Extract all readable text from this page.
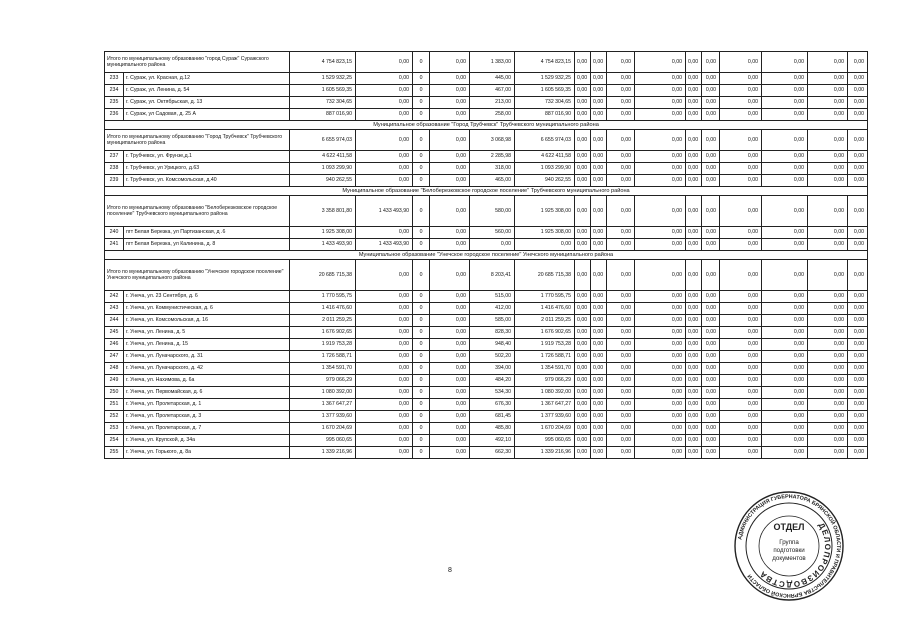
Итого по муниципальному образованию "город Сураж" Суражского муниципального района		4 754 823,15	0,00	0	0,00	1 383,00	4 754 823,15	0,00	0,00	0,00	0,00	0,00	0,00	0,00	0,00	0,00	0,00
233	г. Сураж, ул. Красная, д.12	1 529 932,25	0,00	0	0,00	445,00	1 529 932,25	0,00	0,00	0,00	0,00	0,00	0,00	0,00	0,00	0,00	0,00
234	г. Сураж, ул. Ленина, д. 54	1 605 569,35	0,00	0	0,00	467,00	1 605 569,35	0,00	0,00	0,00	0,00	0,00	0,00	0,00	0,00	0,00	0,00
235	г. Сураж, ул. Октябрьская, д. 13	732 304,65	0,00	0	0,00	213,00	732 304,65	0,00	0,00	0,00	0,00	0,00	0,00	0,00	0,00	0,00	0,00
236	г. Сураж, ул Садовая, д. 25 А	887 016,90	0,00	0	0,00	258,00	887 016,90	0,00	0,00	0,00	0,00	0,00	0,00	0,00	0,00	0,00	0,00
Муниципальное образование "Город Трубчевск" Трубчевского муниципального района																	
Итого по муниципальному образованию "Город Трубчевск" Трубчевского муниципального района		6 655 974,03	0,00	0	0,00	3 068,98	6 655 974,03	0,00	0,00	0,00	0,00	0,00	0,00	0,00	0,00	0,00	0,00
237	г. Трубчевск, ул. Фрунзе,д.1	4 622 411,58	0,00	0	0,00	2 285,98	4 622 411,58	0,00	0,00	0,00	0,00	0,00	0,00	0,00	0,00	0,00	0,00
238	г. Трубчевск, ул Урицкого, д.63	1 093 299,90	0,00	0	0,00	318,00	1 093 299,90	0,00	0,00	0,00	0,00	0,00	0,00	0,00	0,00	0,00	0,00
239	г. Трубчевск, ул. Комсомольская, д.40	940 262,55	0,00	0	0,00	465,00	940 262,55	0,00	0,00	0,00	0,00	0,00	0,00	0,00	0,00	0,00	0,00
Муниципальное образование "Белоберезковское городское поселение" Трубчевского муниципального района																	
Итого по муниципальному образованию "Белоберезковское городское поселение" Трубчевского муниципального района		3 358 801,80	1 433 493,90	0	0,00	580,00	1 925 308,00	0,00	0,00	0,00	0,00	0,00	0,00	0,00	0,00	0,00	0,00
240	пгт Белая Березка, ул Партизанская, д .6	1 925 308,00	0,00	0	0,00	560,00	1 925 308,00	0,00	0,00	0,00	0,00	0,00	0,00	0,00	0,00	0,00	0,00
241	пгт Белая Березка, ул Калинина, д. 8	1 433 493,90	1 433 493,90	0	0,00	0,00	0,00	0,00	0,00	0,00	0,00	0,00	0,00	0,00	0,00	0,00	0,00
Муниципальное образование "Унечское городское поселение" Унечского муниципального района																	
Итого по муниципальному образованию "Унечское городское поселение" Унечского муниципального района		20 685 715,38	0,00	0	0,00	8 203,41	20 685 715,38	0,00	0,00	0,00	0,00	0,00	0,00	0,00	0,00	0,00	0,00
242	г. Унеча, ул. 23 Сентября, д. 6	1 770 595,75	0,00	0	0,00	515,00	1 770 595,75	0,00	0,00	0,00	0,00	0,00	0,00	0,00	0,00	0,00	0,00
243	г. Унеча, ул. Коммунистическая, д. 6	1 416 476,60	0,00	0	0,00	412,00	1 416 476,60	0,00	0,00	0,00	0,00	0,00	0,00	0,00	0,00	0,00	0,00
244	г. Унеча, ул. Комсомольская, д. 16	2 011 259,25	0,00	0	0,00	585,00	2 011 259,25	0,00	0,00	0,00	0,00	0,00	0,00	0,00	0,00	0,00	0,00
245	г. Унеча, ул. Ленина, д. 5	1 676 902,65	0,00	0	0,00	828,30	1 676 902,65	0,00	0,00	0,00	0,00	0,00	0,00	0,00	0,00	0,00	0,00
246	г. Унеча, ул. Ленина, д. 15	1 919 753,28	0,00	0	0,00	948,40	1 919 753,28	0,00	0,00	0,00	0,00	0,00	0,00	0,00	0,00	0,00	0,00
247	г. Унеча, ул. Луначарского, д. 31	1 726 588,71	0,00	0	0,00	502,20	1 726 588,71	0,00	0,00	0,00	0,00	0,00	0,00	0,00	0,00	0,00	0,00
248	г. Унеча, ул. Луначарского, д. 42	1 354 591,70	0,00	0	0,00	394,00	1 354 591,70	0,00	0,00	0,00	0,00	0,00	0,00	0,00	0,00	0,00	0,00
249	г. Унеча, ул. Нахимова, д. 6а	979 066,29	0,00	0	0,00	484,20	979 066,29	0,00	0,00	0,00	0,00	0,00	0,00	0,00	0,00	0,00	0,00
250	г. Унеча, ул. Первомайская, д. 6	1 080 392,00	0,00	0	0,00	534,30	1 080 392,00	0,00	0,00	0,00	0,00	0,00	0,00	0,00	0,00	0,00	0,00
251	г. Унеча, ул. Пролетарская, д. 1	1 367 647,27	0,00	0	0,00	676,30	1 367 647,27	0,00	0,00	0,00	0,00	0,00	0,00	0,00	0,00	0,00	0,00
252	г. Унеча, ул. Пролетарская, д. 3	1 377 939,60	0,00	0	0,00	681,45	1 377 939,60	0,00	0,00	0,00	0,00	0,00	0,00	0,00	0,00	0,00	0,00
253	г. Унеча, ул. Пролетарская, д. 7	1 670 204,69	0,00	0	0,00	485,80	1 670 204,69	0,00	0,00	0,00	0,00	0,00	0,00	0,00	0,00	0,00	0,00
254	г. Унеча, ул. Крупской, д. 34а	995 060,65	0,00	0	0,00	492,10	995 060,65	0,00	0,00	0,00	0,00	0,00	0,00	0,00	0,00	0,00	0,00
255	г. Унеча, ул. Горького, д. 8а	1 339 216,96	0,00	0	0,00	662,30	1 339 216,96	0,00	0,00	0,00	0,00	0,00	0,00	0,00	0,00	0,00	0,00
8
АДМИНИСТРАЦИЯ ГУБЕРНАТОРА БРЯНСКОЙ ОБЛАСТИ И ПРАВИТЕЛЬСТВА БРЯНСКОЙ ОБЛАСТИ
ДЕЛОПРОИЗВОДСТВА
ОТДЕЛ
Группа
подготовки
документов
